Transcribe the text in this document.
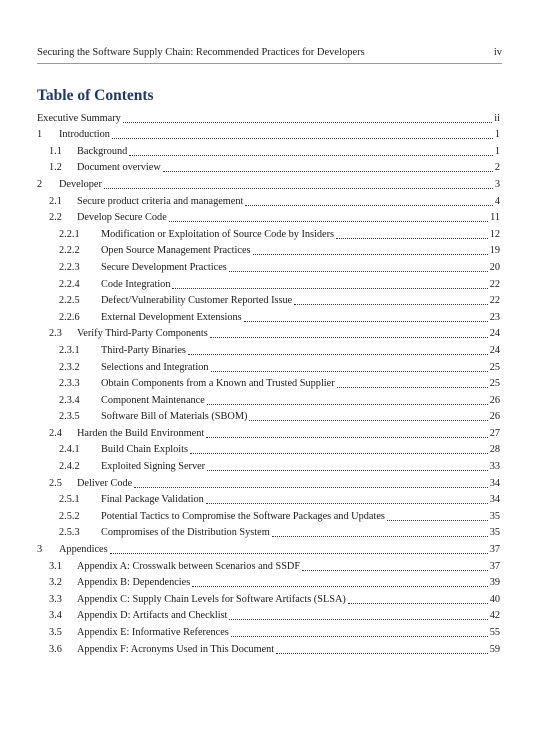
Securing the Software Supply Chain: Recommended Practices for Developers	iv
Table of Contents
Executive Summary	ii
1	Introduction	1
1.1	Background	1
1.2	Document overview	2
2	Developer	3
2.1	Secure product criteria and management	4
2.2	Develop Secure Code	11
2.2.1	Modification or Exploitation of Source Code by Insiders	12
2.2.2	Open Source Management Practices	19
2.2.3	Secure Development Practices	20
2.2.4	Code Integration	22
2.2.5	Defect/Vulnerability Customer Reported Issue	22
2.2.6	External Development Extensions	23
2.3	Verify Third-Party Components	24
2.3.1	Third-Party Binaries	24
2.3.2	Selections and Integration	25
2.3.3	Obtain Components from a Known and Trusted Supplier	25
2.3.4	Component Maintenance	26
2.3.5	Software Bill of Materials (SBOM)	26
2.4	Harden the Build Environment	27
2.4.1	Build Chain Exploits	28
2.4.2	Exploited Signing Server	33
2.5	Deliver Code	34
2.5.1	Final Package Validation	34
2.5.2	Potential Tactics to Compromise the Software Packages and Updates	35
2.5.3	Compromises of the Distribution System	35
3	Appendices	37
3.1	Appendix A: Crosswalk between Scenarios and SSDF	37
3.2	Appendix B: Dependencies	39
3.3	Appendix C: Supply Chain Levels for Software Artifacts (SLSA)	40
3.4	Appendix D: Artifacts and Checklist	42
3.5	Appendix E: Informative References	55
3.6	Appendix F: Acronyms Used in This Document	59
